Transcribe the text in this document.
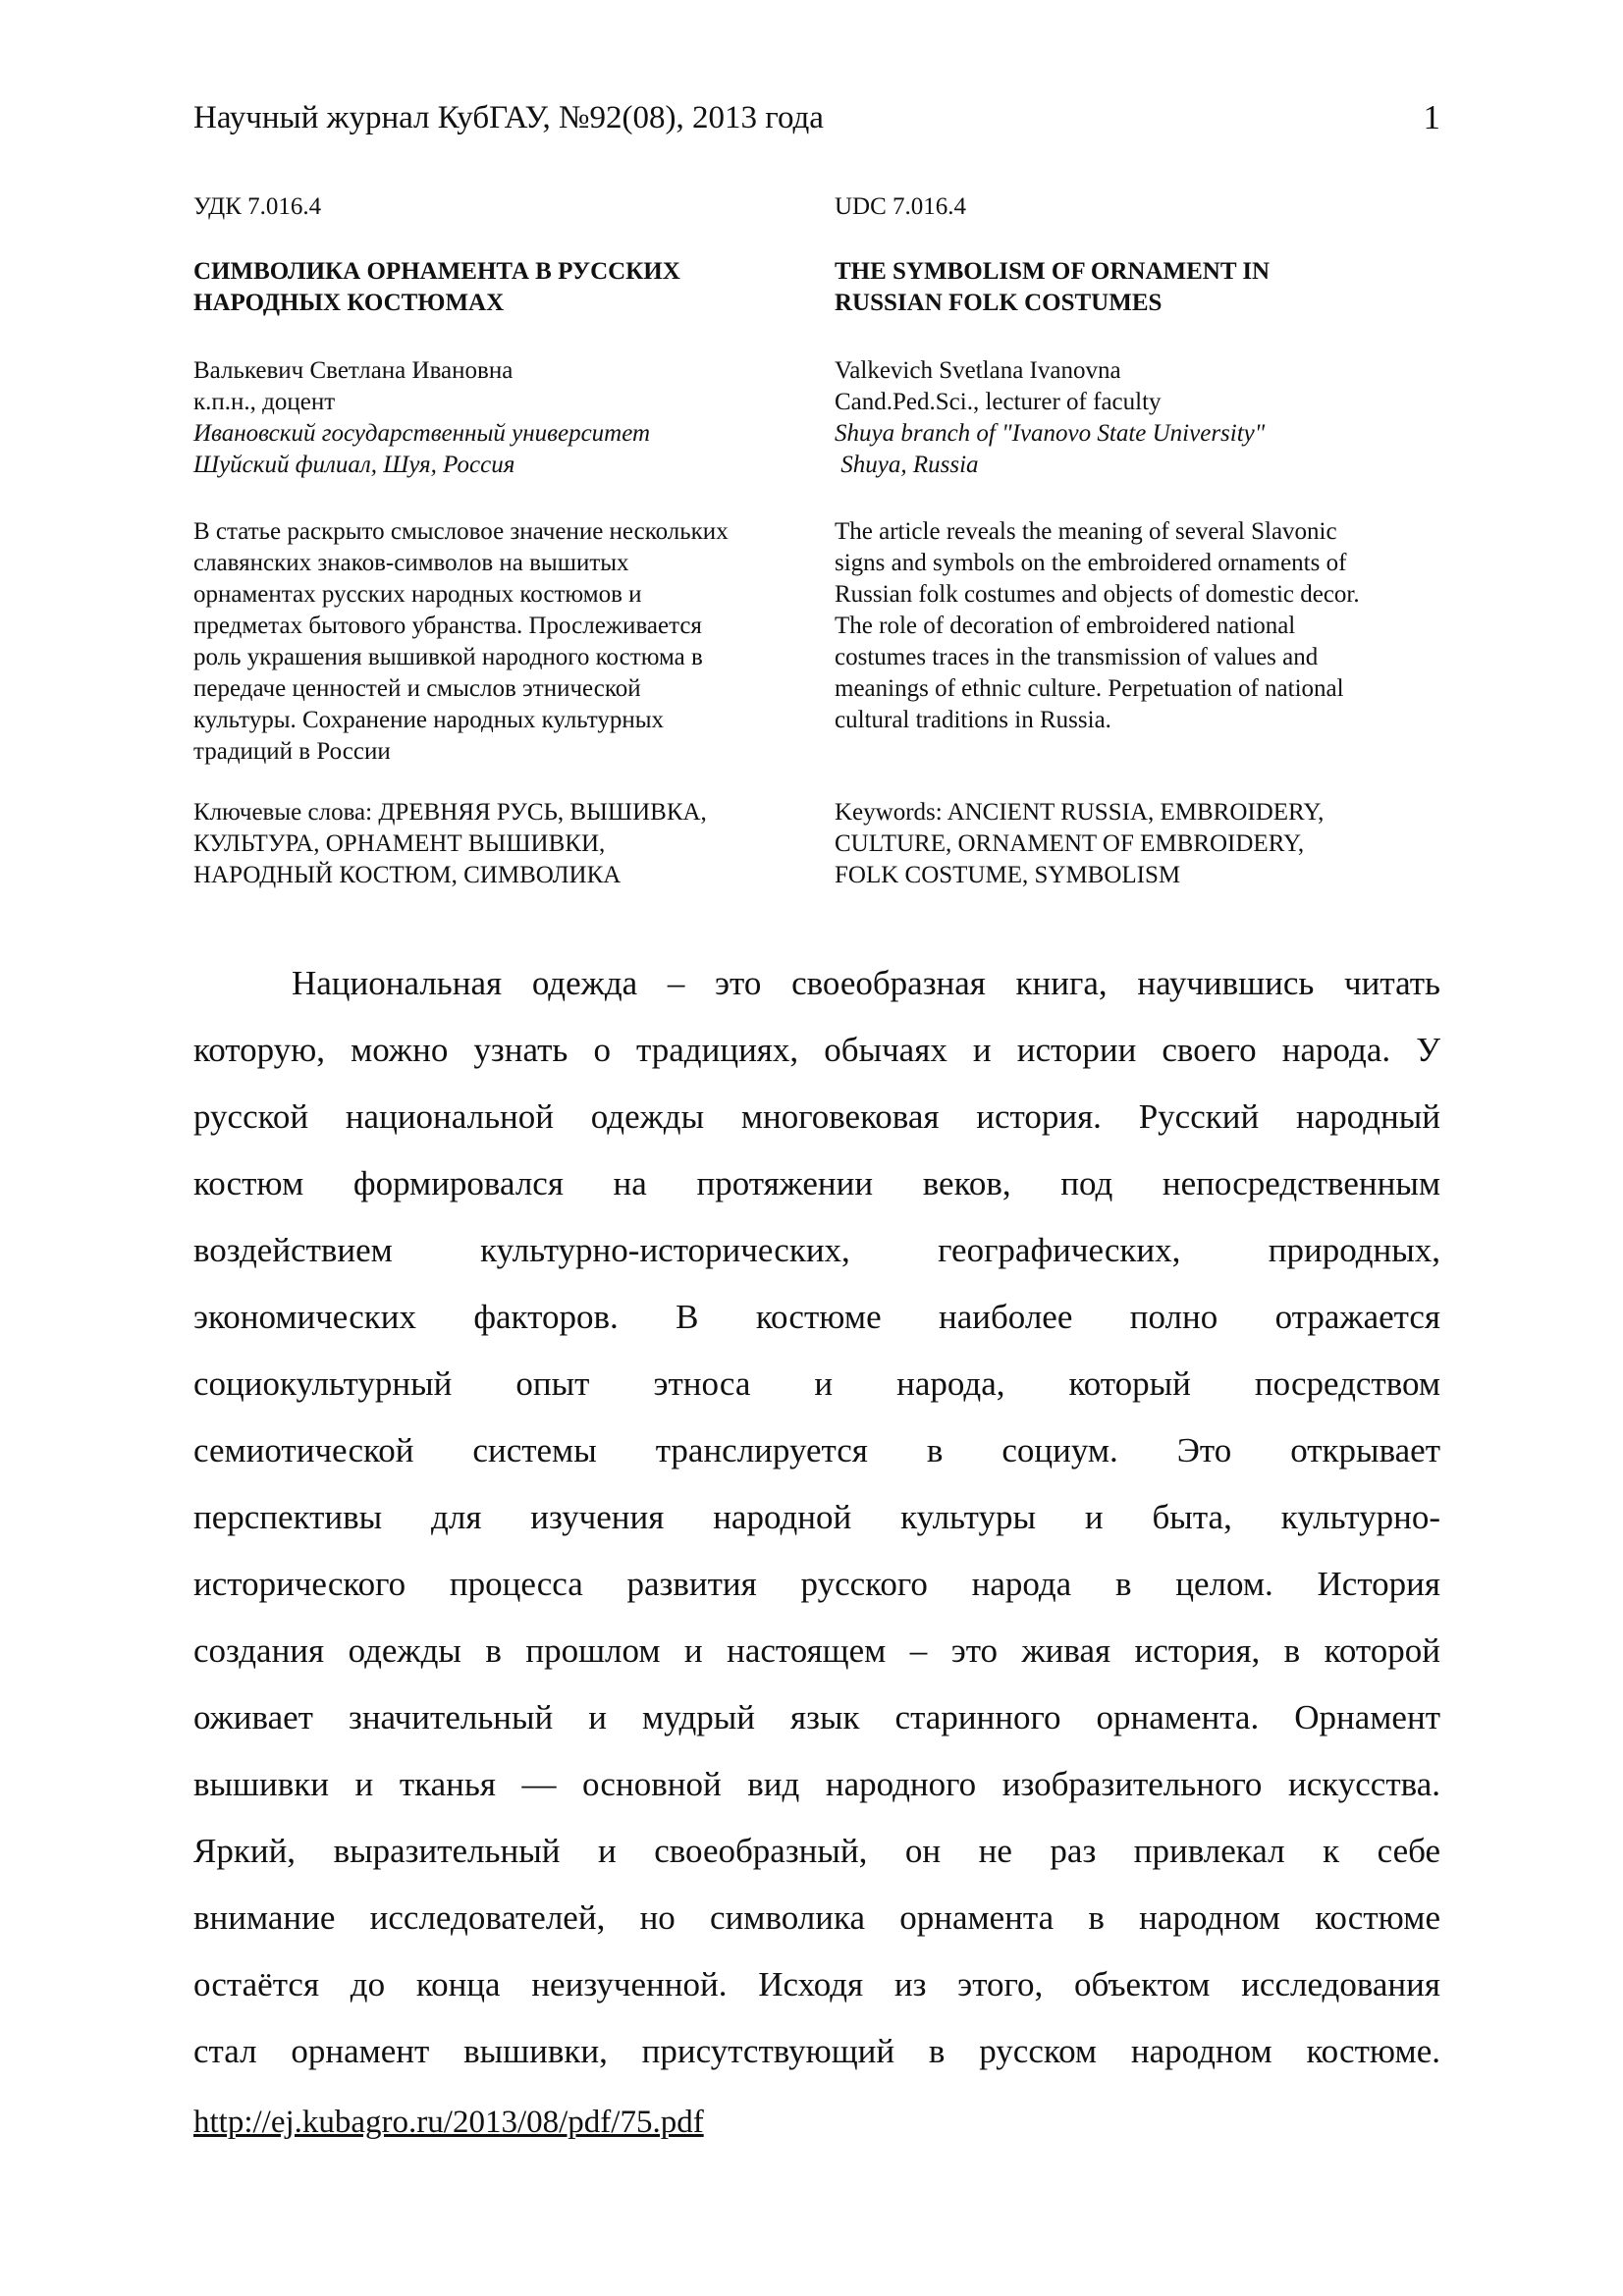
Научный журнал КубГАУ, №92(08), 2013 года	1
УДК 7.016.4
СИМВОЛИКА ОРНАМЕНТА В РУССКИХ
НАРОДНЫХ КОСТЮМАХ
Валькевич Светлана Ивановна
к.п.н., доцент
Ивановский государственный университет
Шуйский филиал, Шуя, Россия
В статье раскрыто смысловое значение нескольких
славянских знаков-символов на вышитых
орнаментах русских народных костюмов и
предметах бытового убранства. Прослеживается
роль украшения вышивкой народного костюма в
передаче ценностей и смыслов этнической
культуры. Сохранение народных культурных
традиций в России
Ключевые слова: ДРЕВНЯЯ РУСЬ, ВЫШИВКА,
КУЛЬТУРА, ОРНАМЕНТ ВЫШИВКИ,
НАРОДНЫЙ КОСТЮМ, СИМВОЛИКА
UDC 7.016.4
THE SYMBOLISM OF ORNAMENT IN
RUSSIAN FOLK COSTUMES
Valkevich Svetlana Ivanovna
Cand.Ped.Sci., lecturer of faculty
Shuya branch of "Ivanovo State University"
Shuya, Russia
The article reveals the meaning of several Slavonic
signs and symbols on the embroidered ornaments of
Russian folk costumes and objects of domestic decor.
The role of decoration of embroidered national
costumes traces in the transmission of values and
meanings of ethnic culture. Perpetuation of national
cultural traditions in Russia.
Keywords: ANCIENT RUSSIA, EMBROIDERY,
CULTURE, ORNAMENT OF EMBROIDERY,
FOLK COSTUME, SYMBOLISM
Национальная одежда – это своеобразная книга, научившись читать
которую, можно узнать о традициях, обычаях и истории своего народа. У
русской национальной одежды многовековая история. Русский народный
костюм формировался на протяжении веков, под непосредственным
воздействием культурно-исторических, географических, природных,
экономических факторов. В костюме наиболее полно отражается
социокультурный опыт этноса и народа, который посредством
семиотической системы транслируется в социум. Это открывает
перспективы для изучения народной культуры и быта, культурно-
исторического процесса развития русского народа в целом. История
создания одежды в прошлом и настоящем – это живая история, в которой
оживает значительный и мудрый язык старинного орнамента. Орнамент
вышивки и тканья — основной вид народного изобразительного искусства.
Яркий, выразительный и своеобразный, он не раз привлекал к себе
внимание исследователей, но символика орнамента в народном костюме
остаётся до конца неизученной. Исходя из этого, объектом исследования
стал орнамент вышивки, присутствующий в русском народном костюме.
http://ej.kubagro.ru/2013/08/pdf/75.pdf
